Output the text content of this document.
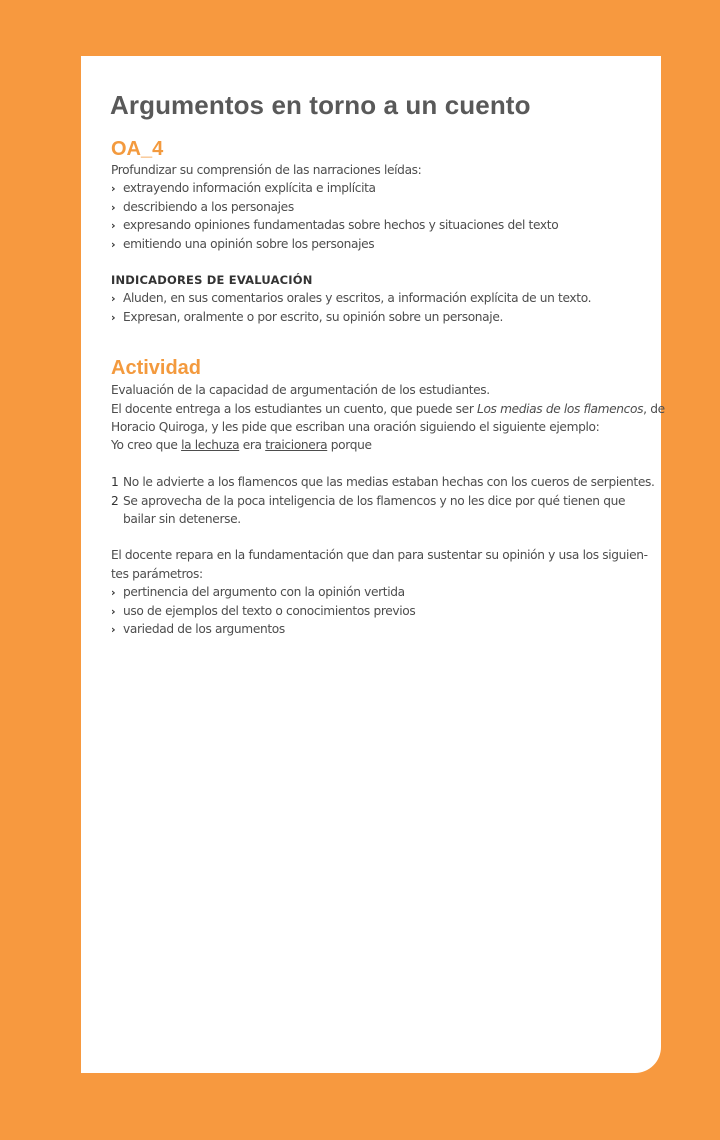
Argumentos en torno a un cuento
OA_4
Profundizar su comprensión de las narraciones leídas:
› extrayendo información explícita e implícita
› describiendo a los personajes
› expresando opiniones fundamentadas sobre hechos y situaciones del texto
› emitiendo una opinión sobre los personajes
INDICADORES DE EVALUACIÓN
› Aluden, en sus comentarios orales y escritos, a información explícita de un texto.
› Expresan, oralmente o por escrito, su opinión sobre un personaje.
Actividad
Evaluación de la capacidad de argumentación de los estudiantes.
El docente entrega a los estudiantes un cuento, que puede ser Los medias de los flamencos, de
Horacio Quiroga, y les pide que escriban una oración siguiendo el siguiente ejemplo:
Yo creo que la lechuza era traicionera porque
1 No le advierte a los flamencos que las medias estaban hechas con los cueros de serpientes.
2 Se aprovecha de la poca inteligencia de los flamencos y no les dice por qué tienen que
bailar sin detenerse.
El docente repara en la fundamentación que dan para sustentar su opinión y usa los siguien-
tes parámetros:
› pertinencia del argumento con la opinión vertida
› uso de ejemplos del texto o conocimientos previos
› variedad de los argumentos
